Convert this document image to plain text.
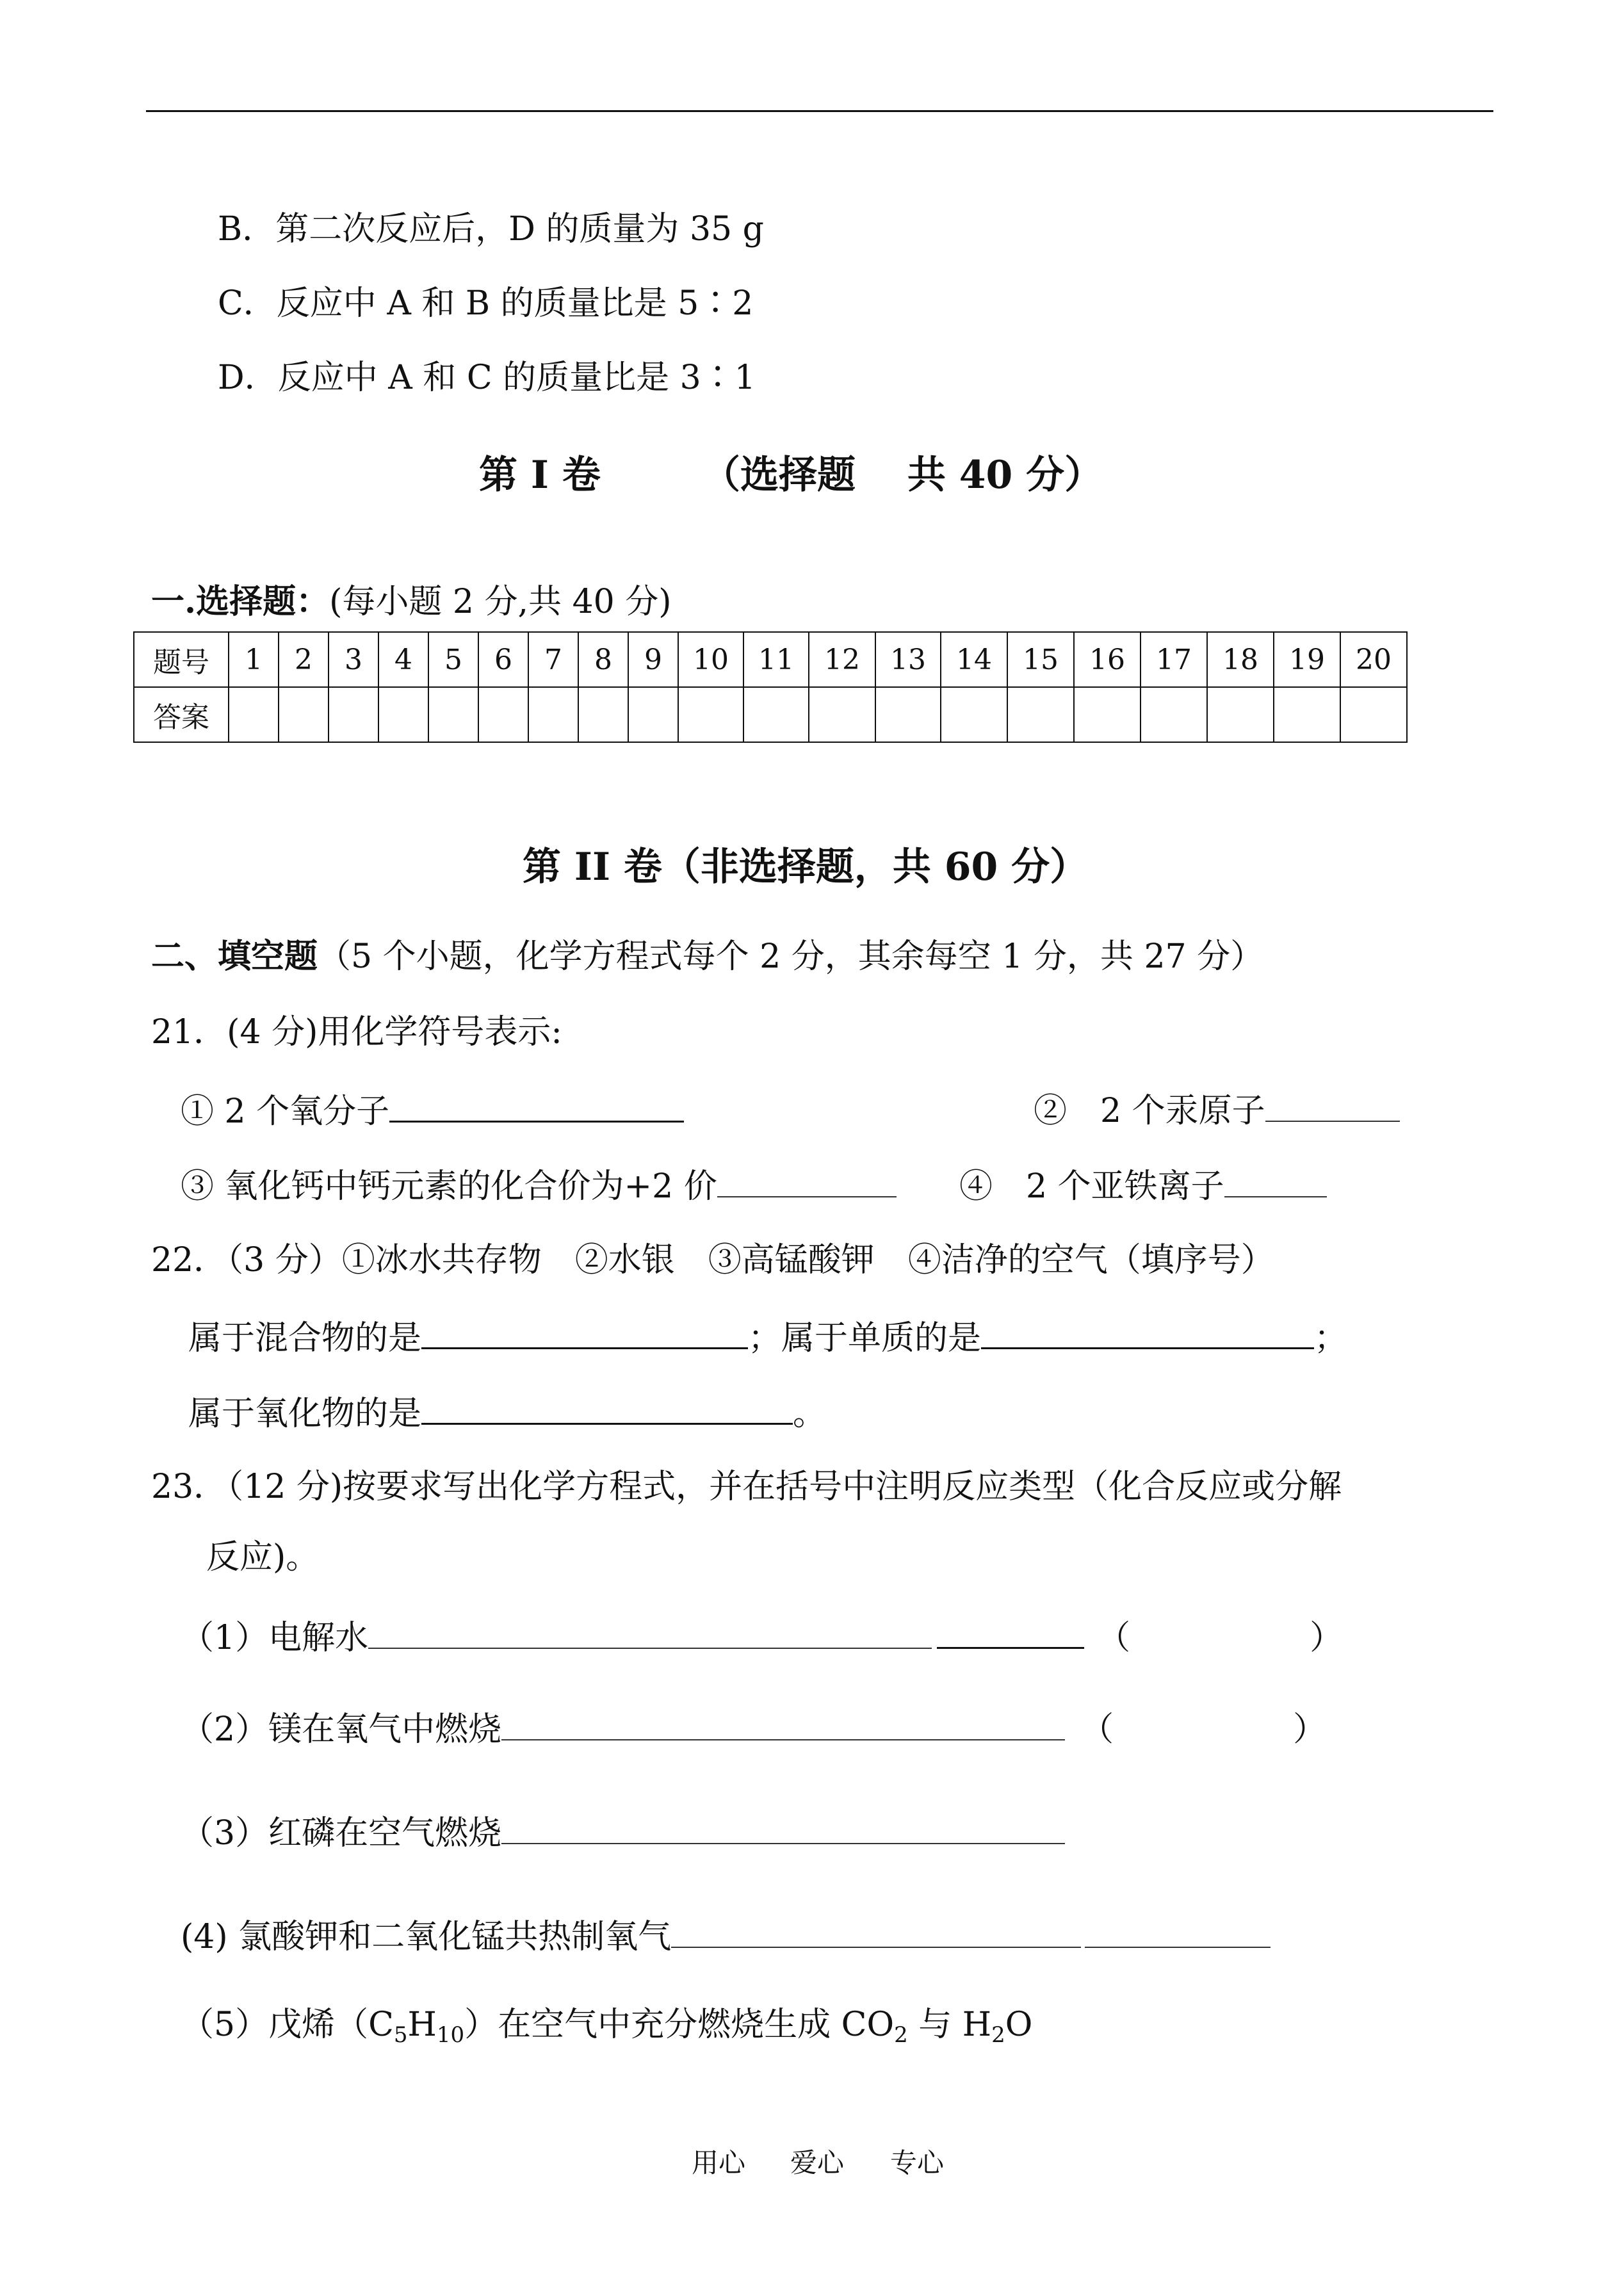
B．第二次反应后，D 的质量为 35 g
C．反应中 A 和 B 的质量比是 5∶2
D．反应中 A 和 C 的质量比是 3∶1
第 I 卷	（选择题　 共 40 分）
一.选择题：(每小题 2 分,共 40 分)
题号	1	2	3	4	5	6	7	8	9	10	11	12	13	14	15	16	17	18	19	20
答案																				
第 II 卷（非选择题，共 60 分）
二、填空题（5 个小题，化学方程式每个 2 分，其余每空 1 分，共 27 分）
21．(4 分)用化学符号表示:
① 2 个氧分子	②　2 个汞原子
③ 氧化钙中钙元素的化合价为+2 价	④　2 个亚铁离子
22．（3 分）①冰水共存物　②水银　③高锰酸钾　④洁净的空气（填序号）
属于混合物的是	；属于单质的是	；
属于氧化物的是	。
23．（12 分)按要求写出化学方程式，并在括号中注明反应类型（化合反应或分解
反应)。
（1）电解水	（	）
（2）镁在氧气中燃烧	（	）
（3）红磷在空气燃烧
(4) 氯酸钾和二氧化锰共热制氧气
（5）戊烯$(C_5H_{10})$在空气中充分燃烧生成 $CO_2$ 与 $H_2O$
用心 爱心 专心
